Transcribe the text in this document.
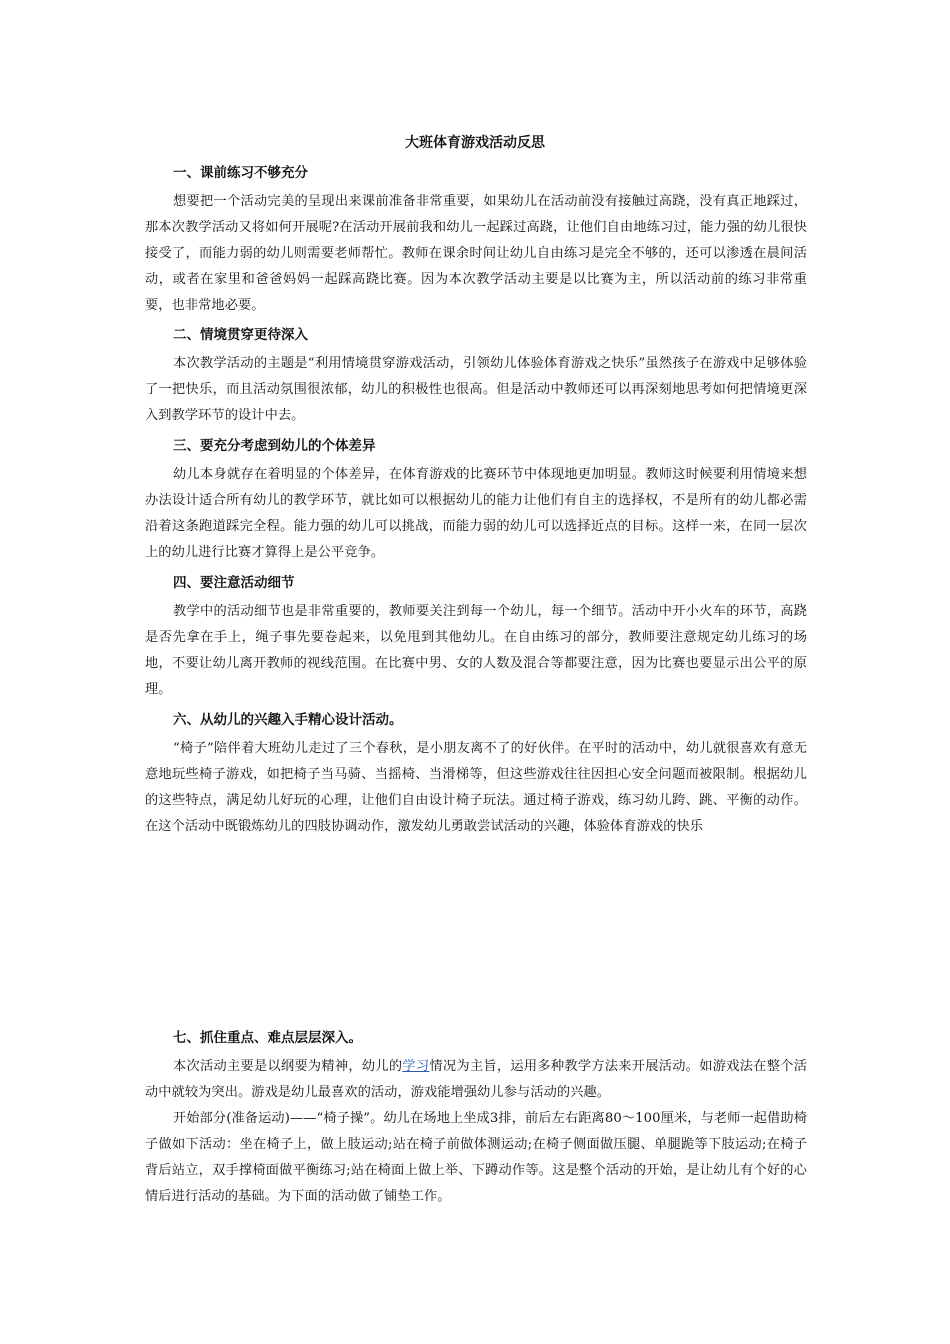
大班体育游戏活动反思

一、课前练习不够充分

想要把一个活动完美的呈现出来课前准备非常重要，如果幼儿在活动前没有接触过高跷，没有真正地踩过，那本次教学活动又将如何开展呢?在活动开展前我和幼儿一起踩过高跷，让他们自由地练习过，能力强的幼儿很快接受了，而能力弱的幼儿则需要老师帮忙。教师在课余时间让幼儿自由练习是完全不够的，还可以渗透在晨间活动，或者在家里和爸爸妈妈一起踩高跷比赛。因为本次教学活动主要是以比赛为主，所以活动前的练习非常重要，也非常地必要。

二、情境贯穿更待深入

本次教学活动的主题是“利用情境贯穿游戏活动，引领幼儿体验体育游戏之快乐”虽然孩子在游戏中足够体验了一把快乐，而且活动氛围很浓郁，幼儿的积极性也很高。但是活动中教师还可以再深刻地思考如何把情境更深入到教学环节的设计中去。

三、要充分考虑到幼儿的个体差异

幼儿本身就存在着明显的个体差异，在体育游戏的比赛环节中体现地更加明显。教师这时候要利用情境来想办法设计适合所有幼儿的教学环节，就比如可以根据幼儿的能力让他们有自主的选择权，不是所有的幼儿都必需沿着这条跑道踩完全程。能力强的幼儿可以挑战，而能力弱的幼儿可以选择近点的目标。这样一来，在同一层次上的幼儿进行比赛才算得上是公平竞争。

四、要注意活动细节

教学中的活动细节也是非常重要的，教师要关注到每一个幼儿，每一个细节。活动中开小火车的环节，高跷是否先拿在手上，绳子事先要卷起来，以免甩到其他幼儿。在自由练习的部分，教师要注意规定幼儿练习的场地，不要让幼儿离开教师的视线范围。在比赛中男、女的人数及混合等都要注意，因为比赛也要显示出公平的原理。

六、从幼儿的兴趣入手精心设计活动。

“椅子”陪伴着大班幼儿走过了三个春秋，是小朋友离不了的好伙伴。在平时的活动中，幼儿就很喜欢有意无意地玩些椅子游戏，如把椅子当马骑、当摇椅、当滑梯等，但这些游戏往往因担心安全问题而被限制。根据幼儿的这些特点，满足幼儿好玩的心理，让他们自由设计椅子玩法。通过椅子游戏，练习幼儿跨、跳、平衡的动作。在这个活动中既锻炼幼儿的四肢协调动作，激发幼儿勇敢尝试活动的兴趣，体验体育游戏的快乐

七、抓住重点、难点层层深入。

本次活动主要是以纲要为精神，幼儿的学习情况为主旨，运用多种教学方法来开展活动。如游戏法在整个活动中就较为突出。游戏是幼儿最喜欢的活动，游戏能增强幼儿参与活动的兴趣。

开始部分(准备运动)——“椅子操”。幼儿在场地上坐成3排，前后左右距离80～100厘米，与老师一起借助椅子做如下活动：坐在椅子上，做上肢运动;站在椅子前做体测运动;在椅子侧面做压腿、单腿跪等下肢运动;在椅子背后站立，双手撑椅面做平衡练习;站在椅面上做上举、下蹲动作等。这是整个活动的开始，是让幼儿有个好的心情后进行活动的基础。为下面的活动做了铺垫工作。
